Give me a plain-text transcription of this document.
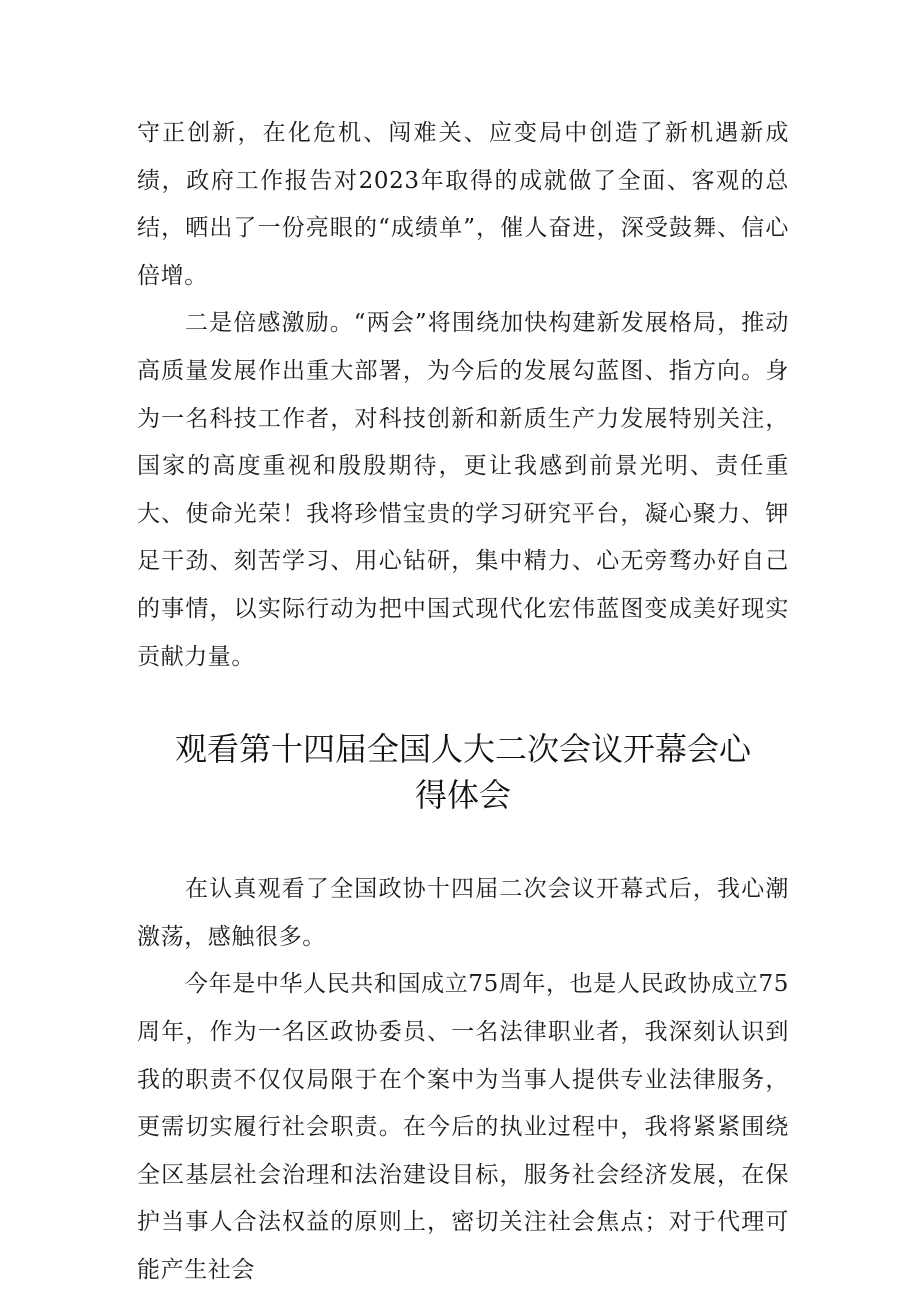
守正创新，在化危机、闯难关、应变局中创造了新机遇新成绩，政府工作报告对2023年取得的成就做了全面、客观的总结，晒出了一份亮眼的“成绩单”，催人奋进，深受鼓舞、信心倍增。

二是倍感激励。“两会”将围绕加快构建新发展格局，推动高质量发展作出重大部署，为今后的发展勾蓝图、指方向。身为一名科技工作者，对科技创新和新质生产力发展特别关注，国家的高度重视和殷殷期待，更让我感到前景光明、责任重大、使命光荣！我将珍惜宝贵的学习研究平台，凝心聚力、钾足干劲、刻苦学习、用心钻研，集中精力、心无旁骛办好自己的事情，以实际行动为把中国式现代化宏伟蓝图变成美好现实贡献力量。

观看第十四届全国人大二次会议开幕会心
得体会

在认真观看了全国政协十四届二次会议开幕式后，我心潮激荡，感触很多。

今年是中华人民共和国成立75周年，也是人民政协成立75周年，作为一名区政协委员、一名法律职业者，我深刻认识到我的职责不仅仅局限于在个案中为当事人提供专业法律服务，更需切实履行社会职责。在今后的执业过程中，我将紧紧围绕全区基层社会治理和法治建设目标，服务社会经济发展，在保护当事人合法权益的原则上，密切关注社会焦点；对于代理可能产生社会
